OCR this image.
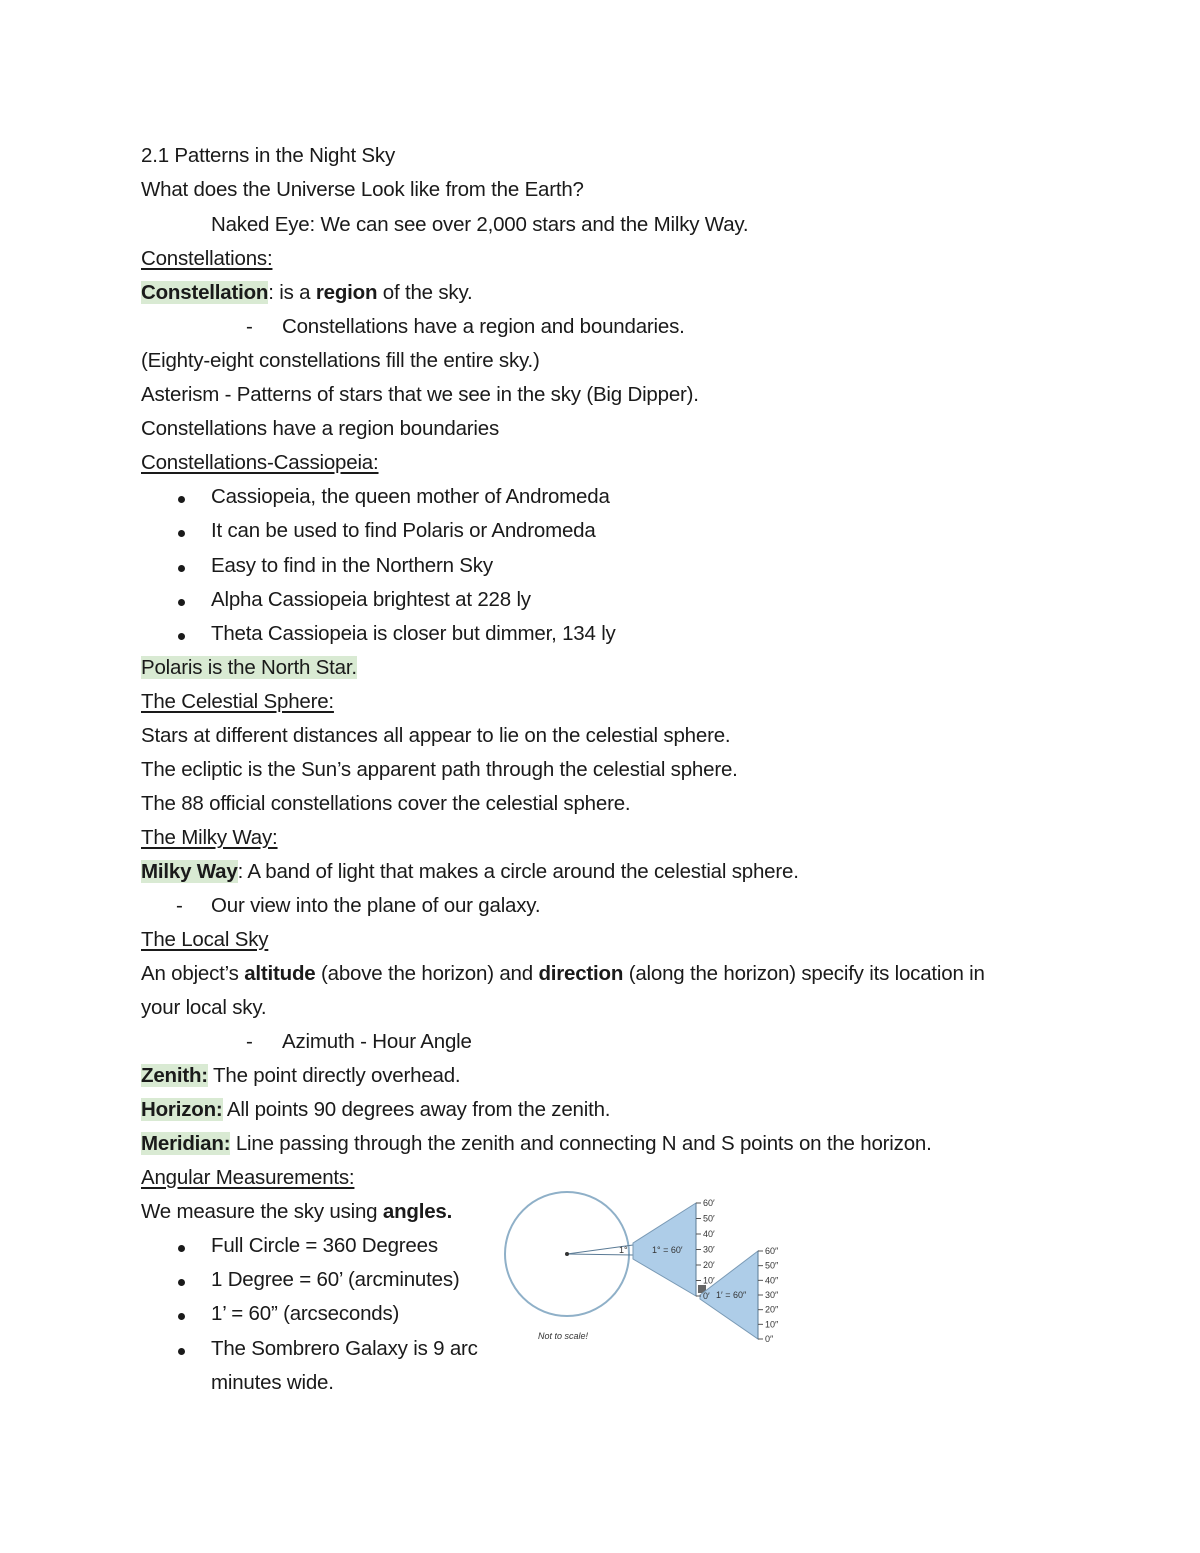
2.1 Patterns in the Night Sky
What does the Universe Look like from the Earth?
Naked Eye: We can see over 2,000 stars and the Milky Way.
Constellations:
Constellation: is a region of the sky.
- Constellations have a region and boundaries.
(Eighty-eight constellations fill the entire sky.)
Asterism - Patterns of stars that we see in the sky (Big Dipper).
Constellations have a region boundaries
Constellations-Cassiopeia:
Cassiopeia, the queen mother of Andromeda
It can be used to find Polaris or Andromeda
Easy to find in the Northern Sky
Alpha Cassiopeia brightest at 228 ly
Theta Cassiopeia is closer but dimmer, 134 ly
Polaris is the North Star.
The Celestial Sphere:
Stars at different distances all appear to lie on the celestial sphere.
The ecliptic is the Sun’s apparent path through the celestial sphere.
The 88 official constellations cover the celestial sphere.
The Milky Way:
Milky Way: A band of light that makes a circle around the celestial sphere.
- Our view into the plane of our galaxy.
The Local Sky
An object’s altitude (above the horizon) and direction (along the horizon) specify its location in
your local sky.
- Azimuth - Hour Angle
Zenith: The point directly overhead.
Horizon: All points 90 degrees away from the zenith.
Meridian: Line passing through the zenith and connecting N and S points on the horizon.
Angular Measurements:
We measure the sky using angles.
Full Circle = 360 Degrees
1 Degree = 60’ (arcminutes)
1’ = 60” (arcseconds)
The Sombrero Galaxy is 9 arc
minutes wide.
1°	1° = 60′
1′ = 60″
60′
50′
40′
30′
20′
10′
0′
60″
50″
40″
30″
20″
10″
0″
Not to scale!
